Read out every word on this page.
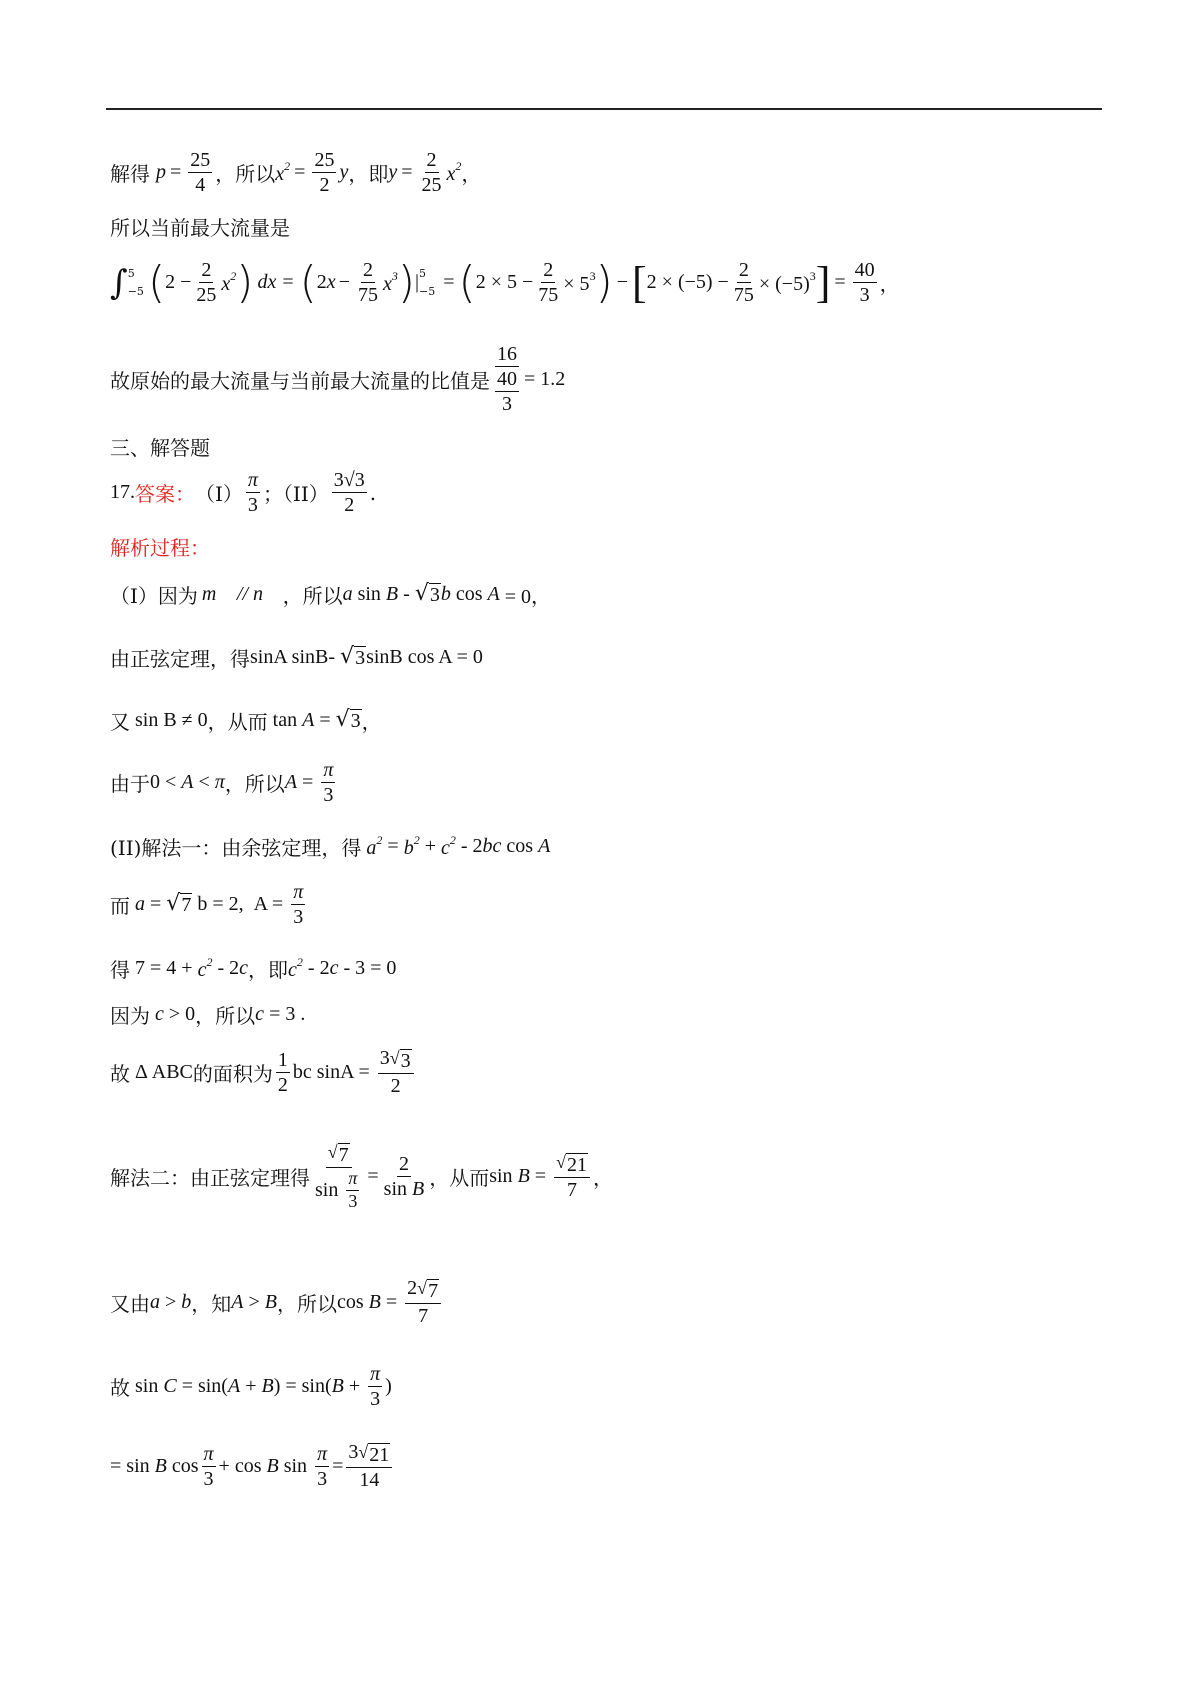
解得 $p = \frac{25}{4}$ ，所以 $x^2 = \frac{25}{2}$ y ，即 $y = \frac{2}{25} x^2$ ，
所以当前最大流量是
∫ 5
−5 ( $2 - \frac{2}{25} x^2$ ) dx = ( 2 $x - \frac{2}{75} x^3$ ) | 5
−5 = ( $2 \times 5 - \frac{2}{75} \times 5^3$ ) − [ $2 \times (-5) - \frac{2}{75} \times (-5)^3$ ] = $\frac{40}{3}$ ，
故原始的最大流量与当前最大流量的比值是 $\frac{16}{\frac{40}{3}} = 1.2$
三、解答题
17. 答案： $(I) \frac{\pi}{3}$ ；$(II) \frac{3√3}{2}$ .
解析过程：
（I）因为 m⃗ // n⃗ ，所以 a sin B - √ 3 b cos A = 0，
由正弦定理，得 sinA sinB- √ 3 sinB cos A = 0
又 sin B ≠ 0 ，从而 tan A = √ 3 ，
由于 0 < A < π ，所以 $A = \frac{\pi}{3}$
(II)解法一：由余弦定理，得 $a^2 = b^2 + c^2 - 2$ bc cos A
而 a = √ 7 b = 2,  $A = \frac{\pi}{3}$
得 $7 = 4 + c^2 - 2$ c ，即 $c^2 - 2$ c - 3 = 0
因为 c > 0 ，所以 c = 3 .
故 Δ ABC 的面积为 $\frac{1}{2}$ bc $\sin A = \frac{3 √ 3}{2}$
解法二：由正弦定理得 $\frac{√ 7}{\sin \frac{\pi}{3}} = \frac{2}{\text{sin B}}$ ，从而 $\sin B = \frac{√ 21}{7}$ ，
又由 a > b ，知 A > B ，所以 $\cos B = \frac{2 √ 7}{7}$
故 sin C = sin( A + B ) = sin( $B + \frac{\pi}{3}$ )
= sin B $\cos \frac{\pi}{3} + \cos B$ $\sin \frac{\pi}{3} = \frac{3 √ 21}{14}$
